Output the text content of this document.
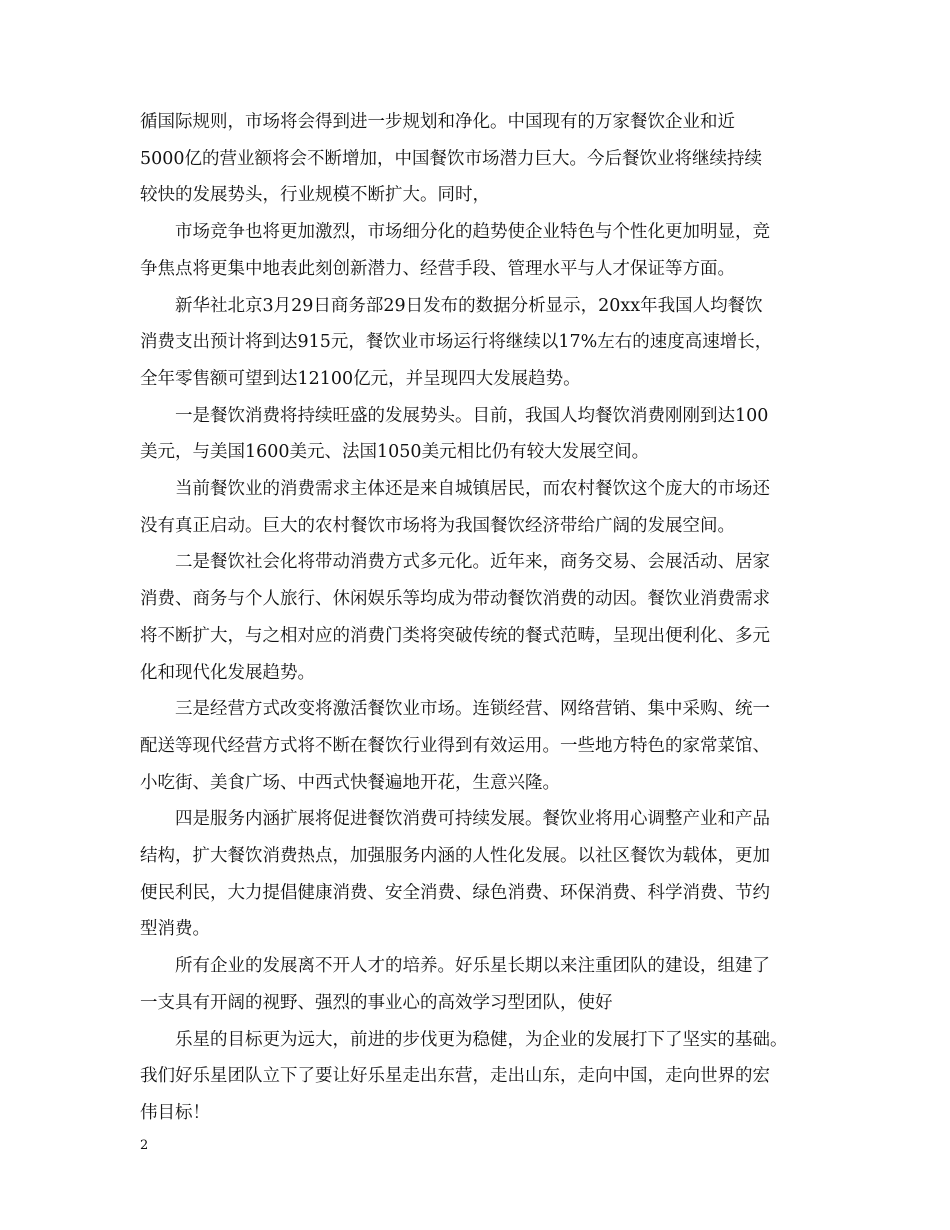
循国际规则，市场将会得到进一步规划和净化。中国现有的万家餐饮企业和近
5000亿的营业额将会不断增加，中国餐饮市场潜力巨大。今后餐饮业将继续持续
较快的发展势头，行业规模不断扩大。同时，
　　市场竞争也将更加激烈，市场细分化的趋势使企业特色与个性化更加明显，竞
争焦点将更集中地表此刻创新潜力、经营手段、管理水平与人才保证等方面。
　　新华社北京3月29日商务部29日发布的数据分析显示，20xx年我国人均餐饮
消费支出预计将到达915元，餐饮业市场运行将继续以17%左右的速度高速增长，
全年零售额可望到达12100亿元，并呈现四大发展趋势。
　　一是餐饮消费将持续旺盛的发展势头。目前，我国人均餐饮消费刚刚到达100
美元，与美国1600美元、法国1050美元相比仍有较大发展空间。
　　当前餐饮业的消费需求主体还是来自城镇居民，而农村餐饮这个庞大的市场还
没有真正启动。巨大的农村餐饮市场将为我国餐饮经济带给广阔的发展空间。
　　二是餐饮社会化将带动消费方式多元化。近年来，商务交易、会展活动、居家
消费、商务与个人旅行、休闲娱乐等均成为带动餐饮消费的动因。餐饮业消费需求
将不断扩大，与之相对应的消费门类将突破传统的餐式范畴，呈现出便利化、多元
化和现代化发展趋势。
　　三是经营方式改变将激活餐饮业市场。连锁经营、网络营销、集中采购、统一
配送等现代经营方式将不断在餐饮行业得到有效运用。一些地方特色的家常菜馆、
小吃街、美食广场、中西式快餐遍地开花，生意兴隆。
　　四是服务内涵扩展将促进餐饮消费可持续发展。餐饮业将用心调整产业和产品
结构，扩大餐饮消费热点，加强服务内涵的人性化发展。以社区餐饮为载体，更加
便民利民，大力提倡健康消费、安全消费、绿色消费、环保消费、科学消费、节约
型消费。
　　所有企业的发展离不开人才的培养。好乐星长期以来注重团队的建设，组建了
一支具有开阔的视野、强烈的事业心的高效学习型团队，使好
　　乐星的目标更为远大，前进的步伐更为稳健，为企业的发展打下了坚实的基础。
我们好乐星团队立下了要让好乐星走出东营，走出山东，走向中国，走向世界的宏
伟目标！
2
